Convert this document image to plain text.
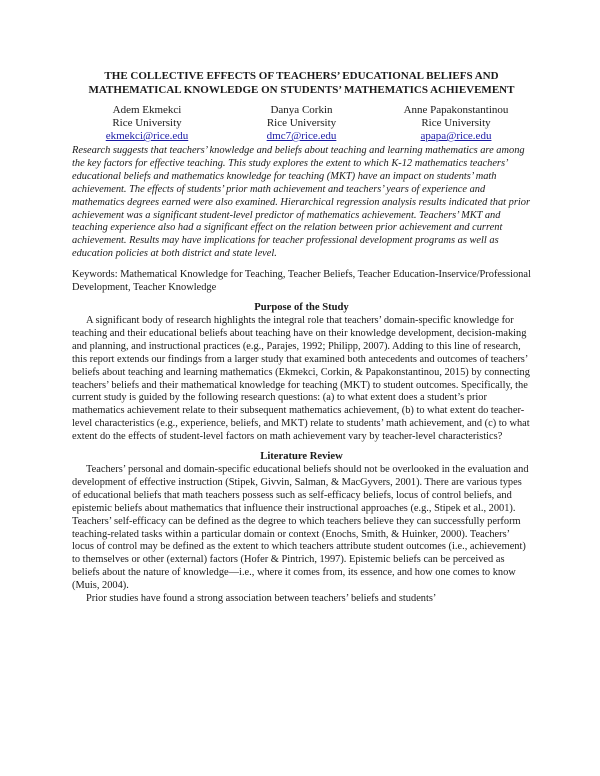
THE COLLECTIVE EFFECTS OF TEACHERS’ EDUCATIONAL BELIEFS AND MATHEMATICAL KNOWLEDGE ON STUDENTS’ MATHEMATICS ACHIEVEMENT
Adem Ekmekci
Rice University
ekmekci@rice.edu
Danya Corkin
Rice University
dmc7@rice.edu
Anne Papakonstantinou
Rice University
apapa@rice.edu

Research suggests that teachers’ knowledge and beliefs about teaching and learning mathematics are among the key factors for effective teaching. This study explores the extent to which K-12 mathematics teachers’ educational beliefs and mathematics knowledge for teaching (MKT) have an impact on students’ math achievement. The effects of students’ prior math achievement and teachers’ years of experience and mathematics degrees earned were also examined. Hierarchical regression analysis results indicated that prior achievement was a significant student-level predictor of mathematics achievement. Teachers’ MKT and teaching experience also had a significant effect on the relation between prior achievement and current achievement. Results may have implications for teacher professional development programs as well as education policies at both district and state level.

Keywords: Mathematical Knowledge for Teaching, Teacher Beliefs, Teacher Education-Inservice/Professional Development, Teacher Knowledge
Purpose of the Study

A significant body of research highlights the integral role that teachers’ domain-specific knowledge for teaching and their educational beliefs about teaching have on their knowledge development, decision-making and planning, and instructional practices (e.g., Parajes, 1992; Philipp, 2007). Adding to this line of research, this report extends our findings from a larger study that examined both antecedents and outcomes of teachers’ beliefs about teaching and learning mathematics (Ekmekci, Corkin, & Papakonstantinou, 2015) by connecting teachers’ beliefs and their mathematical knowledge for teaching (MKT) to student outcomes. Specifically, the current study is guided by the following research questions: (a) to what extent does a student’s prior mathematics achievement relate to their subsequent mathematics achievement, (b) to what extent do teacher-level characteristics (e.g., experience, beliefs, and MKT) relate to students’ math achievement, and (c) to what extent do the effects of student-level factors on math achievement vary by teacher-level characteristics?

Literature Review

Teachers’ personal and domain-specific educational beliefs should not be overlooked in the evaluation and development of effective instruction (Stipek, Givvin, Salman, & MacGyvers, 2001). There are various types of educational beliefs that math teachers possess such as self-efficacy beliefs, locus of control beliefs, and epistemic beliefs about mathematics that influence their instructional approaches (e.g., Stipek et al., 2001). Teachers’ self-efficacy can be defined as the degree to which teachers believe they can successfully perform teaching-related tasks within a particular domain or context (Enochs, Smith, & Huinker, 2000). Teachers’ locus of control may be defined as the extent to which teachers attribute student outcomes (i.e., achievement) to themselves or other (external) factors (Hofer & Pintrich, 1997). Epistemic beliefs can be perceived as beliefs about the nature of knowledge—i.e., where it comes from, its essence, and how one comes to know (Muis, 2004).

Prior studies have found a strong association between teachers’ beliefs and students’
